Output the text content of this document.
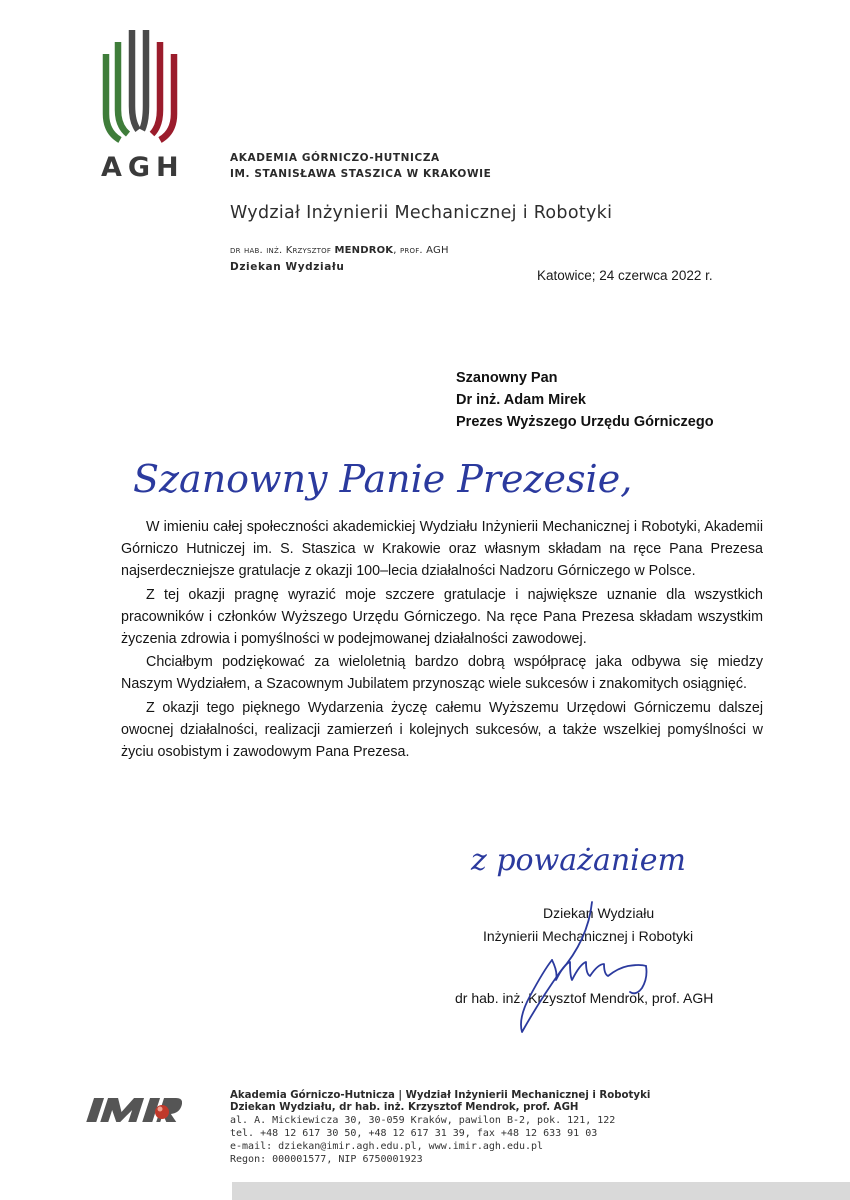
AGH	AKADEMIA GÓRNICZO-HUTNICZA
IM. STANISŁAWA STASZICA W KRAKOWIE
Wydział Inżynierii Mechanicznej i Robotyki
dr hab. inż. Krzysztof MENDROK, prof. AGH
Dziekan Wydziału
Katowice; 24 czerwca 2022 r.
Szanowny Pan
Dr inż. Adam Mirek
Prezes Wyższego Urzędu Górniczego
Szanowny Panie Prezesie,

W imieniu całej społeczności akademickiej Wydziału Inżynierii Mechanicznej i Robotyki, Akademii Górniczo Hutniczej im. S. Staszica w Krakowie oraz własnym składam na ręce Pana Prezesa najserdeczniejsze gratulacje z okazji 100–lecia działalności Nadzoru Górniczego w Polsce.

Z tej okazji pragnę wyrazić moje szczere gratulacje i największe uznanie dla wszystkich pracowników i członków Wyższego Urzędu Górniczego. Na ręce Pana Prezesa składam wszystkim życzenia zdrowia i pomyślności w podejmowanej działalności zawodowej.

Chciałbym podziękować za wieloletnią bardzo dobrą współpracę jaka odbywa się miedzy Naszym Wydziałem, a Szacownym Jubilatem przynosząc wiele sukcesów i znakomitych osiągnięć.

Z okazji tego pięknego Wydarzenia życzę całemu Wyższemu Urzędowi Górniczemu dalszej owocnej działalności, realizacji zamierzeń i kolejnych sukcesów, a także wszelkiej pomyślności w życiu osobistym i zawodowym Pana Prezesa.

z poważaniem
Dziekan Wydziału
Inżynierii Mechanicznej i Robotyki
dr hab. inż. Krzysztof Mendrok, prof. AGH
Akademia Górniczo-Hutnicza | Wydział Inżynierii Mechanicznej i Robotyki
Dziekan Wydziału, dr hab. inż. Krzysztof Mendrok, prof. AGH
al. A. Mickiewicza 30, 30-059 Kraków, pawilon B-2, pok. 121, 122
tel. +48 12 617 30 50, +48 12 617 31 39, fax +48 12 633 91 03
e-mail: dziekan@imir.agh.edu.pl, www.imir.agh.edu.pl
Regon: 000001577, NIP 6750001923
